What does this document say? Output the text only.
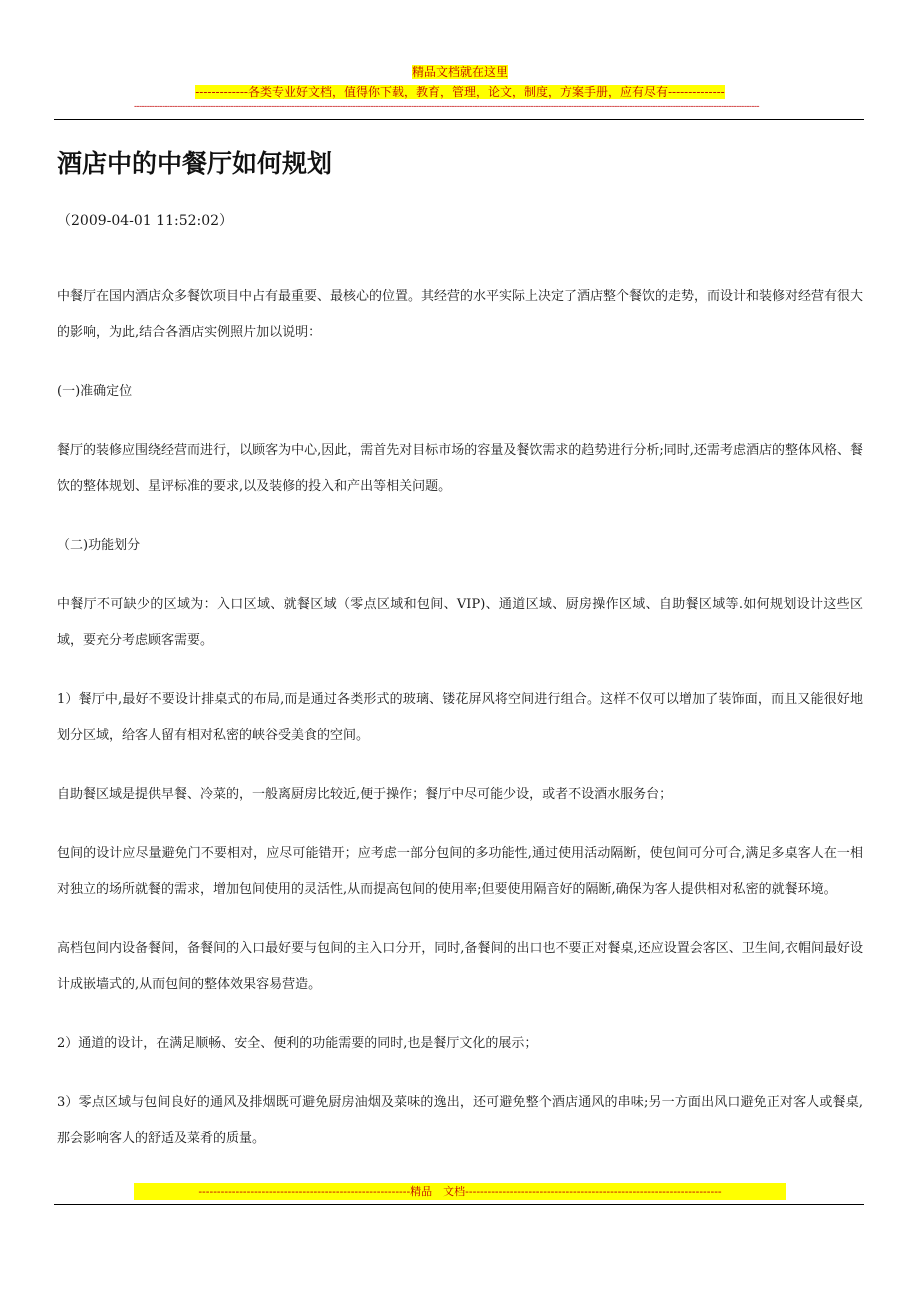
精品文档就在这里
-------------各类专业好文档，值得你下载，教育，管理，论文，制度，方案手册，应有尽有--------------
------------------------------------------------------------------------------------------------------------------------------------------------------------------------------------------------------------------------------------------------------
酒店中的中餐厅如何规划
（2009-04-01 11:52:02）

中餐厅在国内酒店众多餐饮项目中占有最重要、最核心的位置。其经营的水平实际上决定了酒店整个餐饮的走势，而设计和装修对经营有很大的影响，为此,结合各酒店实例照片加以说明：

(一)准确定位

餐厅的装修应围绕经营而进行，以顾客为中心,因此，需首先对目标市场的容量及餐饮需求的趋势进行分析;同时,还需考虑酒店的整体风格、餐饮的整体规划、星评标准的要求,以及装修的投入和产出等相关问题。

（二)功能划分

中餐厅不可缺少的区域为：入口区域、就餐区域（零点区域和包间、VIP)、通道区域、厨房操作区域、自助餐区域等.如何规划设计这些区域，要充分考虑顾客需要。

1）餐厅中,最好不要设计排桌式的布局,而是通过各类形式的玻璃、镂花屏风将空间进行组合。这样不仅可以增加了装饰面，而且又能很好地划分区域，给客人留有相对私密的峡谷受美食的空间。

自助餐区域是提供早餐、冷菜的，一般离厨房比较近,便于操作；餐厅中尽可能少设，或者不设酒水服务台；

包间的设计应尽量避免门不要相对，应尽可能错开；应考虑一部分包间的多功能性,通过使用活动隔断，使包间可分可合,满足多桌客人在一相对独立的场所就餐的需求，增加包间使用的灵活性,从而提高包间的使用率;但要使用隔音好的隔断,确保为客人提供相对私密的就餐环境。

高档包间内设备餐间，备餐间的入口最好要与包间的主入口分开，同时,备餐间的出口也不要正对餐桌,还应设置会客区、卫生间,衣帽间最好设计成嵌墙式的,从而包间的整体效果容易营造。

2）通道的设计，在满足顺畅、安全、便利的功能需要的同时,也是餐厅文化的展示；

3）零点区域与包间良好的通风及排烟既可避免厨房油烟及菜味的逸出，还可避免整个酒店通风的串味;另一方面出风口避免正对客人或餐桌,那会影响客人的舒适及菜肴的质量。

---------------------------------------------------------精品　文档---------------------------------------------------------------------
